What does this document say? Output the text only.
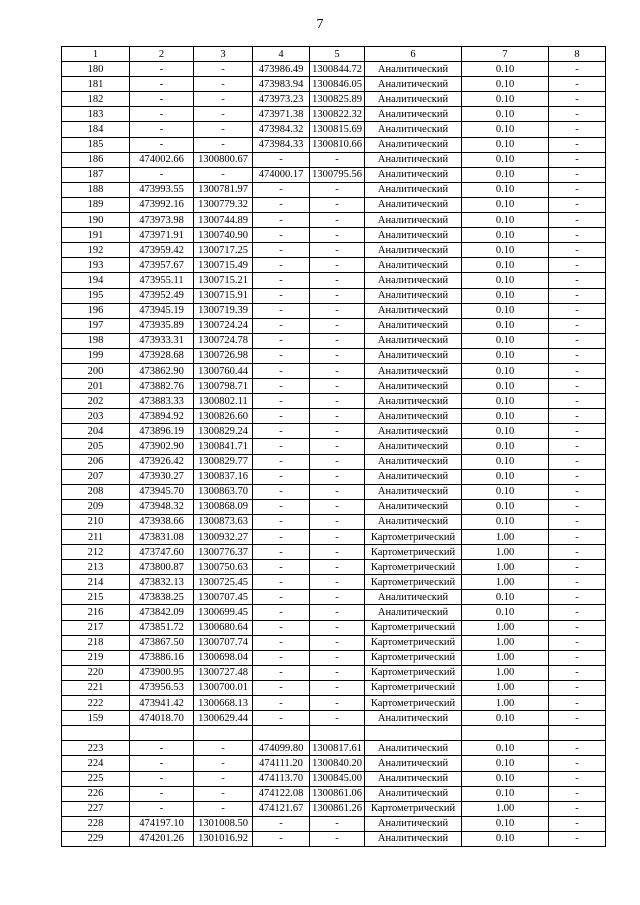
7
1	2	3	4	5	6	7	8
180	-	-	473986.49	1300844.72	Аналитический	0.10	-
181	-	-	473983.94	1300846.05	Аналитический	0.10	-
182	-	-	473973.23	1300825.89	Аналитический	0.10	-
183	-	-	473971.38	1300822.32	Аналитический	0.10	-
184	-	-	473984.32	1300815.69	Аналитический	0.10	-
185	-	-	473984.33	1300810.66	Аналитический	0.10	-
186	474002.66	1300800.67	-	-	Аналитический	0.10	-
187	-	-	474000.17	1300795.56	Аналитический	0.10	-
188	473993.55	1300781.97	-	-	Аналитический	0.10	-
189	473992.16	1300779.32	-	-	Аналитический	0.10	-
190	473973.98	1300744.89	-	-	Аналитический	0.10	-
191	473971.91	1300740.90	-	-	Аналитический	0.10	-
192	473959.42	1300717.25	-	-	Аналитический	0.10	-
193	473957.67	1300715.49	-	-	Аналитический	0.10	-
194	473955.11	1300715.21	-	-	Аналитический	0.10	-
195	473952.49	1300715.91	-	-	Аналитический	0.10	-
196	473945.19	1300719.39	-	-	Аналитический	0.10	-
197	473935.89	1300724.24	-	-	Аналитический	0.10	-
198	473933.31	1300724.78	-	-	Аналитический	0.10	-
199	473928.68	1300726.98	-	-	Аналитический	0.10	-
200	473862.90	1300760.44	-	-	Аналитический	0.10	-
201	473882.76	1300798.71	-	-	Аналитический	0.10	-
202	473883.33	1300802.11	-	-	Аналитический	0.10	-
203	473894.92	1300826.60	-	-	Аналитический	0.10	-
204	473896.19	1300829.24	-	-	Аналитический	0.10	-
205	473902.90	1300841.71	-	-	Аналитический	0.10	-
206	473926.42	1300829.77	-	-	Аналитический	0.10	-
207	473930.27	1300837.16	-	-	Аналитический	0.10	-
208	473945.70	1300863.70	-	-	Аналитический	0.10	-
209	473948.32	1300868.09	-	-	Аналитический	0.10	-
210	473938.66	1300873.63	-	-	Аналитический	0.10	-
211	473831.08	1300932.27	-	-	Картометрический	1.00	-
212	473747.60	1300776.37	-	-	Картометрический	1.00	-
213	473800.87	1300750.63	-	-	Картометрический	1.00	-
214	473832.13	1300725.45	-	-	Картометрический	1.00	-
215	473838.25	1300707.45	-	-	Аналитический	0.10	-
216	473842.09	1300699.45	-	-	Аналитический	0.10	-
217	473851.72	1300680.64	-	-	Картометрический	1.00	-
218	473867.50	1300707.74	-	-	Картометрический	1.00	-
219	473886.16	1300698.04	-	-	Картометрический	1.00	-
220	473900.95	1300727.48	-	-	Картометрический	1.00	-
221	473956.53	1300700.01	-	-	Картометрический	1.00	-
222	473941.42	1300668.13	-	-	Картометрический	1.00	-
159	474018.70	1300629.44	-	-	Аналитический	0.10	-

223	-	-	474099.80	1300817.61	Аналитический	0.10	-
224	-	-	474111.20	1300840.20	Аналитический	0.10	-
225	-	-	474113.70	1300845.00	Аналитический	0.10	-
226	-	-	474122.08	1300861.06	Аналитический	0.10	-
227	-	-	474121.67	1300861.26	Картометрический	1.00	-
228	474197.10	1301008.50	-	-	Аналитический	0.10	-
229	474201.26	1301016.92	-	-	Аналитический	0.10	-
